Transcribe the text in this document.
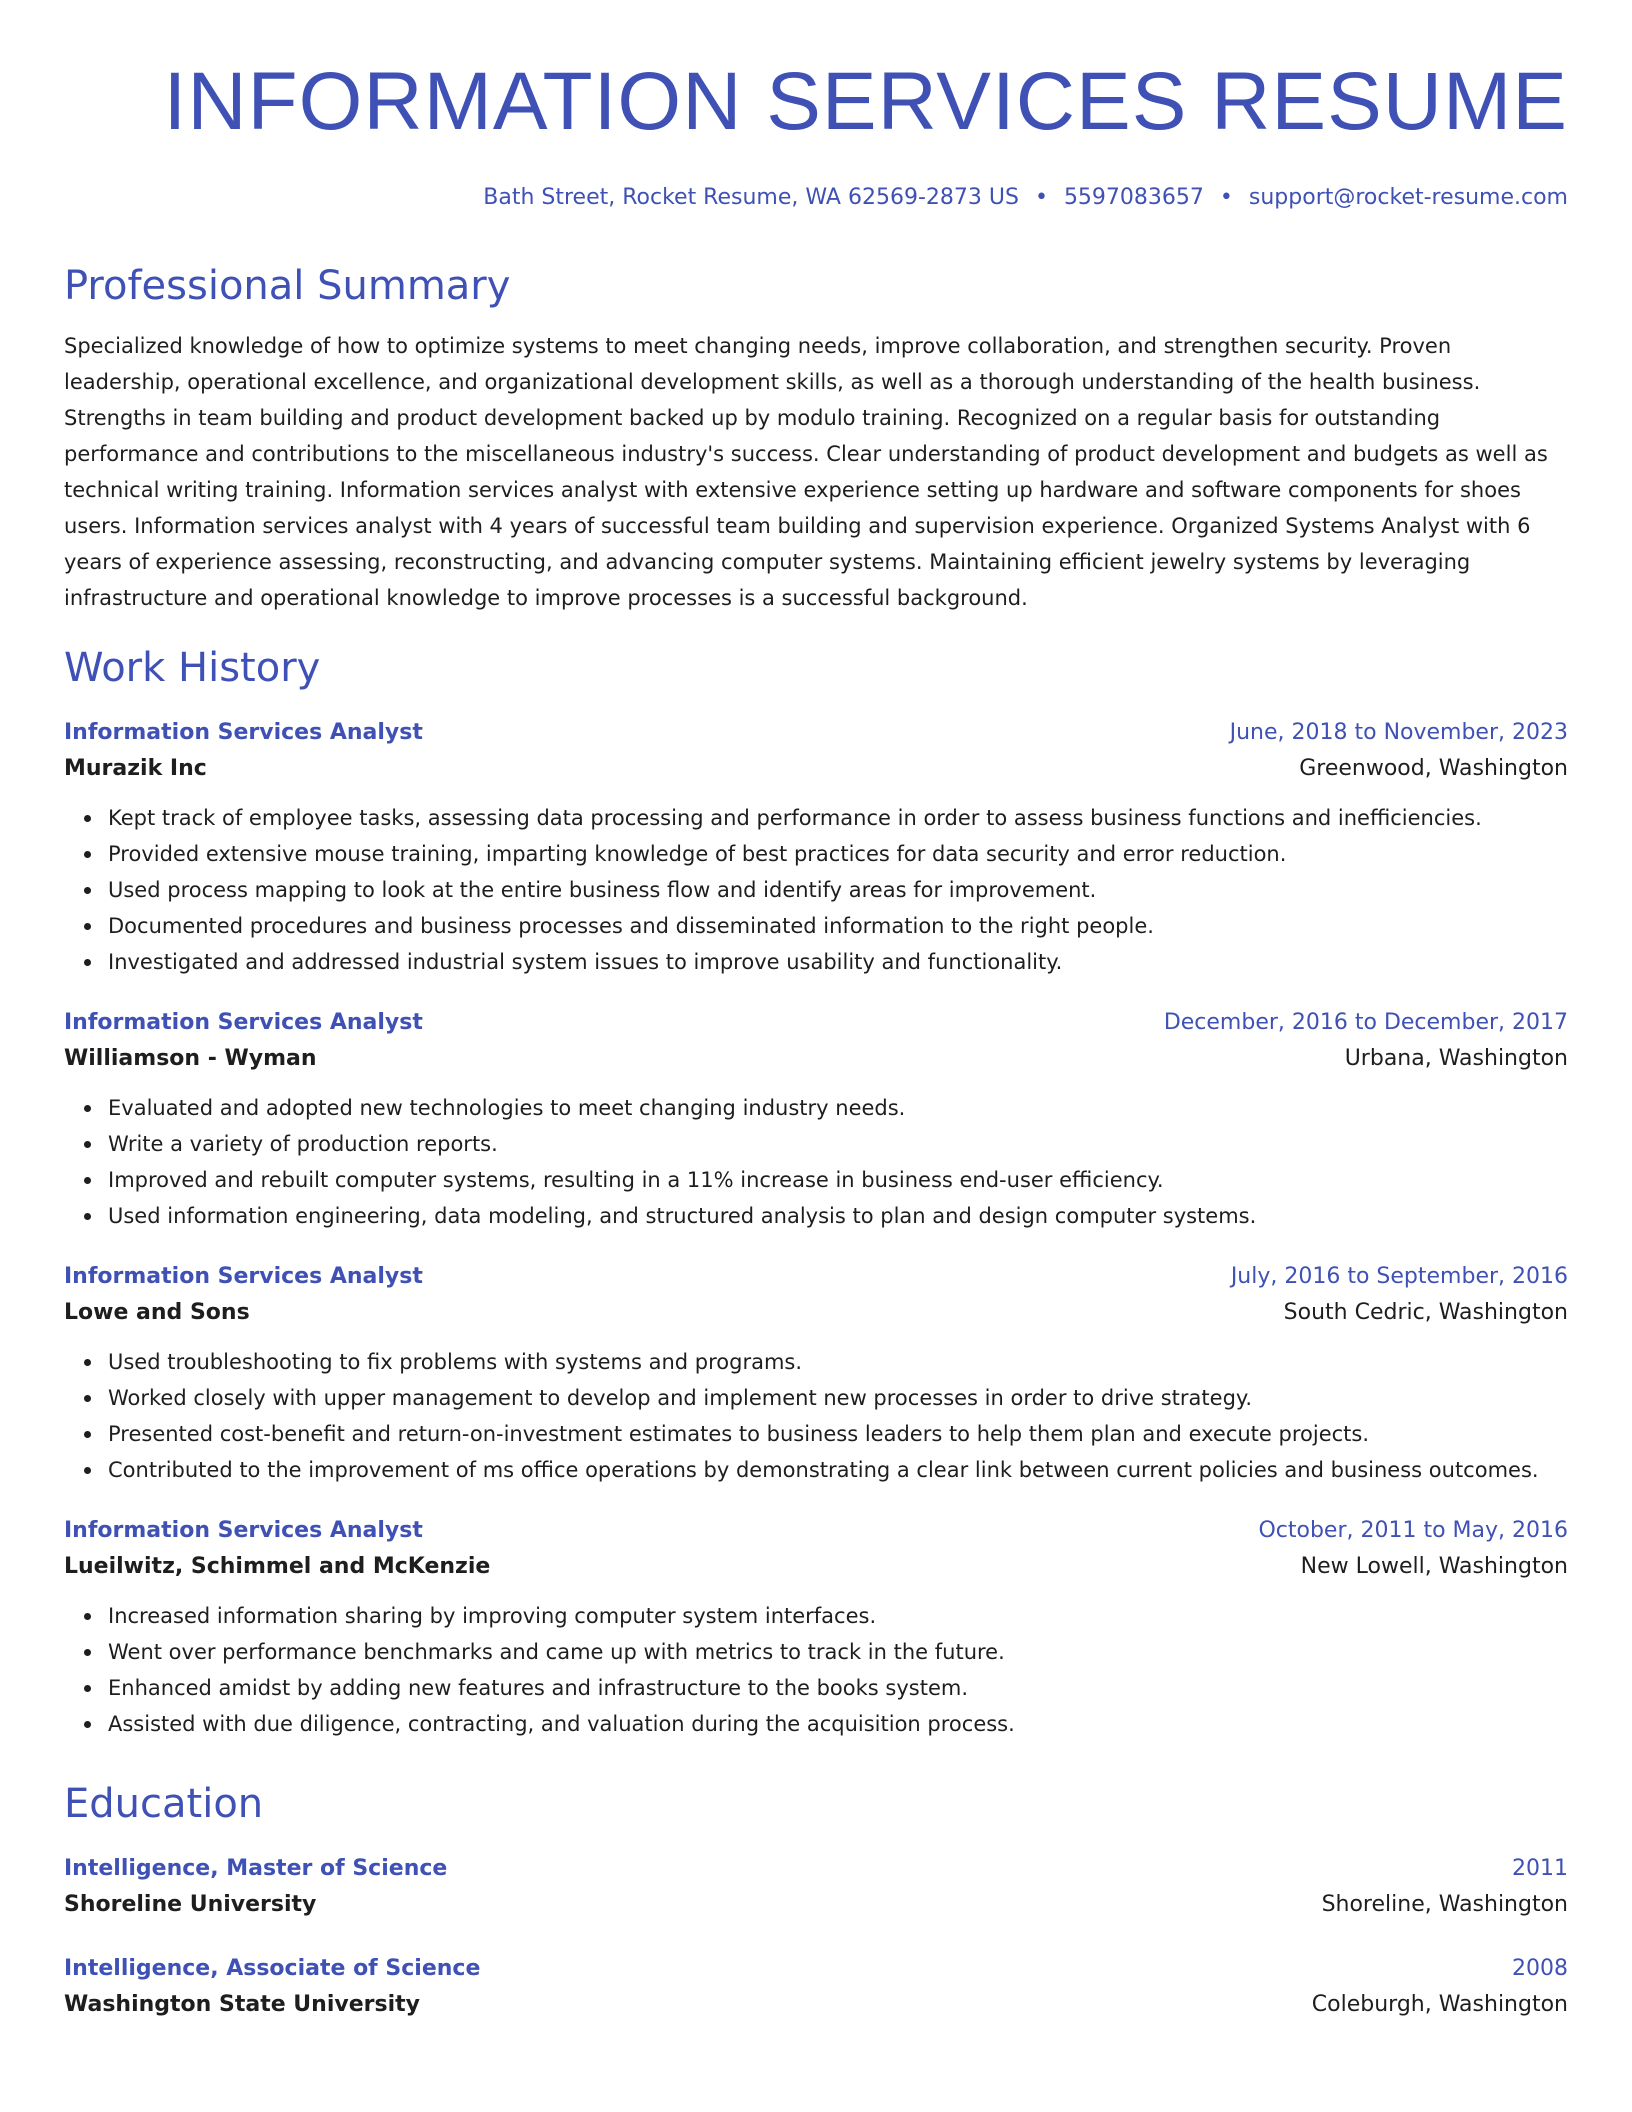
INFORMATION SERVICES RESUME
Bath Street, Rocket Resume, WA 62569-2873 US • 5597083657 • support@rocket-resume.com
Professional Summary
Specialized knowledge of how to optimize systems to meet changing needs, improve collaboration, and strengthen security. Proven leadership, operational excellence, and organizational development skills, as well as a thorough understanding of the health business. Strengths in team building and product development backed up by modulo training. Recognized on a regular basis for outstanding performance and contributions to the miscellaneous industry's success. Clear understanding of product development and budgets as well as technical writing training. Information services analyst with extensive experience setting up hardware and software components for shoes users. Information services analyst with 4 years of successful team building and supervision experience. Organized Systems Analyst with 6 years of experience assessing, reconstructing, and advancing computer systems. Maintaining efficient jewelry systems by leveraging infrastructure and operational knowledge to improve processes is a successful background.
Work History
Information Services Analyst	June, 2018 to November, 2023
Murazik Inc	Greenwood, Washington
Kept track of employee tasks, assessing data processing and performance in order to assess business functions and inefficiencies.
Provided extensive mouse training, imparting knowledge of best practices for data security and error reduction.
Used process mapping to look at the entire business flow and identify areas for improvement.
Documented procedures and business processes and disseminated information to the right people.
Investigated and addressed industrial system issues to improve usability and functionality.
Information Services Analyst	December, 2016 to December, 2017
Williamson - Wyman	Urbana, Washington
Evaluated and adopted new technologies to meet changing industry needs.
Write a variety of production reports.
Improved and rebuilt computer systems, resulting in a 11% increase in business end-user efficiency.
Used information engineering, data modeling, and structured analysis to plan and design computer systems.
Information Services Analyst	July, 2016 to September, 2016
Lowe and Sons	South Cedric, Washington
Used troubleshooting to fix problems with systems and programs.
Worked closely with upper management to develop and implement new processes in order to drive strategy.
Presented cost-benefit and return-on-investment estimates to business leaders to help them plan and execute projects.
Contributed to the improvement of ms office operations by demonstrating a clear link between current policies and business outcomes.
Information Services Analyst	October, 2011 to May, 2016
Lueilwitz, Schimmel and McKenzie	New Lowell, Washington
Increased information sharing by improving computer system interfaces.
Went over performance benchmarks and came up with metrics to track in the future.
Enhanced amidst by adding new features and infrastructure to the books system.
Assisted with due diligence, contracting, and valuation during the acquisition process.
Education
Intelligence, Master of Science	2011
Shoreline University	Shoreline, Washington
Intelligence, Associate of Science	2008
Washington State University	Coleburgh, Washington
